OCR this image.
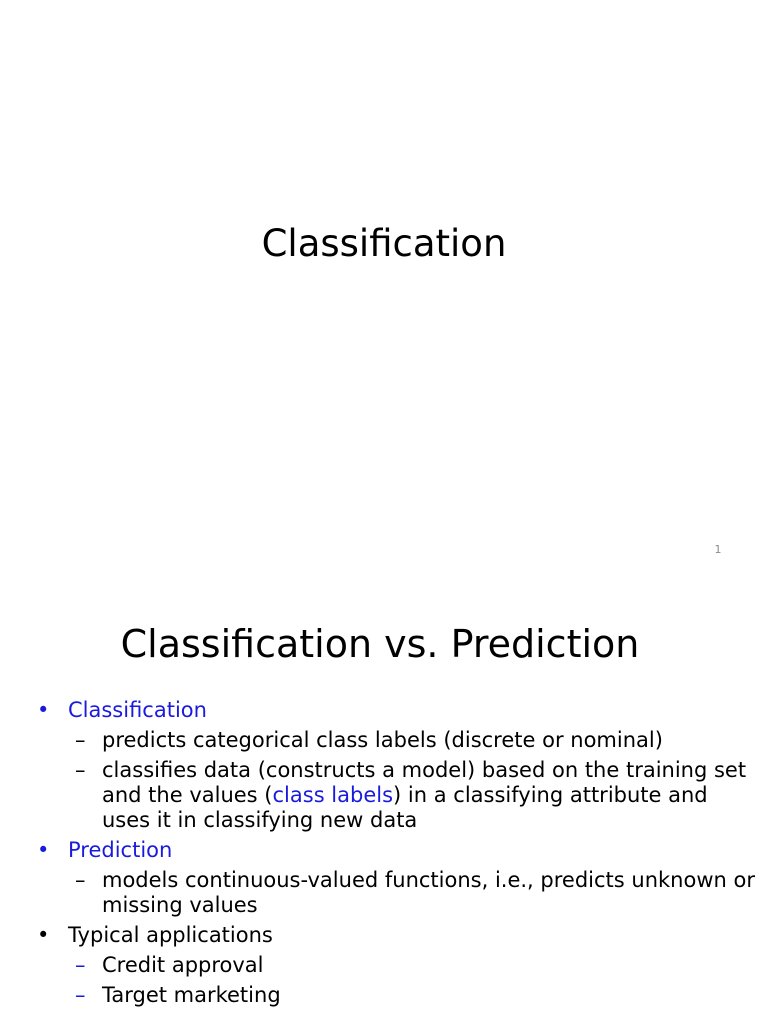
Classification
1
Classification vs. Prediction
• Classification
– predicts categorical class labels (discrete or nominal)
– classifies data (constructs a model) based on the training set and the values (class labels) in a classifying attribute and uses it in classifying new data
• Prediction
– models continuous-valued functions, i.e., predicts unknown or missing values
• Typical applications
– Credit approval
– Target marketing
